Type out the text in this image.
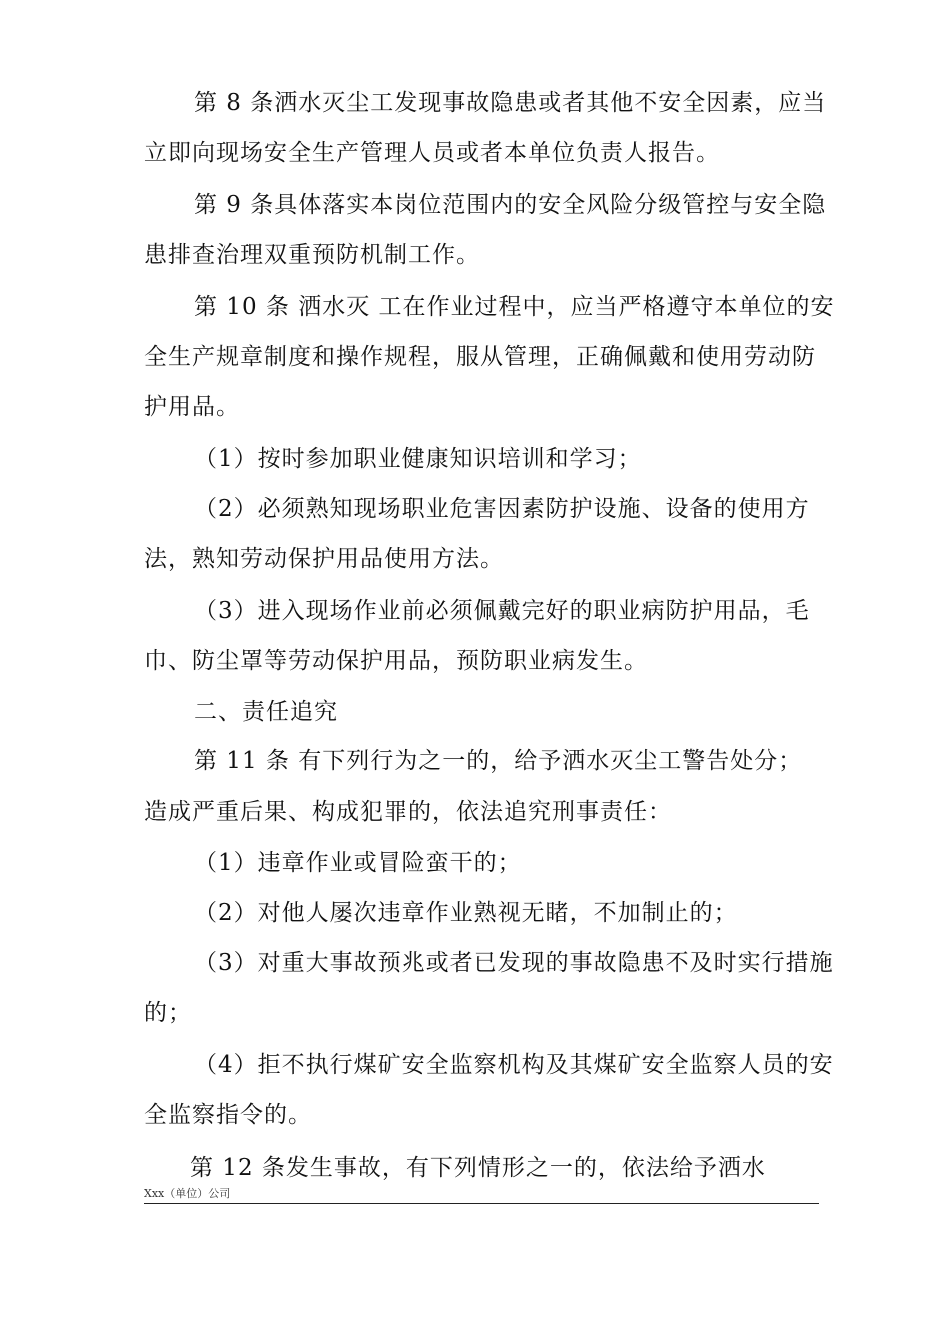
第 8 条洒水灭尘工发现事故隐患或者其他不安全因素，应当
立即向现场安全生产管理人员或者本单位负责人报告。
第 9 条具体落实本岗位范围内的安全风险分级管控与安全隐
患排查治理双重预防机制工作。
第 10 条 洒水灭 工在作业过程中，应当严格遵守本单位的安
全生产规章制度和操作规程，服从管理，正确佩戴和使用劳动防
护用品。
（1）按时参加职业健康知识培训和学习；
（2）必须熟知现场职业危害因素防护设施、设备的使用方
法，熟知劳动保护用品使用方法。
（3）进入现场作业前必须佩戴完好的职业病防护用品，毛
巾、防尘罩等劳动保护用品，预防职业病发生。
二、责任追究
第 11 条 有下列行为之一的，给予洒水灭尘工警告处分；
造成严重后果、构成犯罪的，依法追究刑事责任：
（1）违章作业或冒险蛮干的；
（2）对他人屡次违章作业熟视无睹，不加制止的；
（3）对重大事故预兆或者已发现的事故隐患不及时实行措施
的；
（4）拒不执行煤矿安全监察机构及其煤矿安全监察人员的安
全监察指令的。
第 12 条发生事故，有下列情形之一的，依法给予洒水
Xxx（单位）公司
